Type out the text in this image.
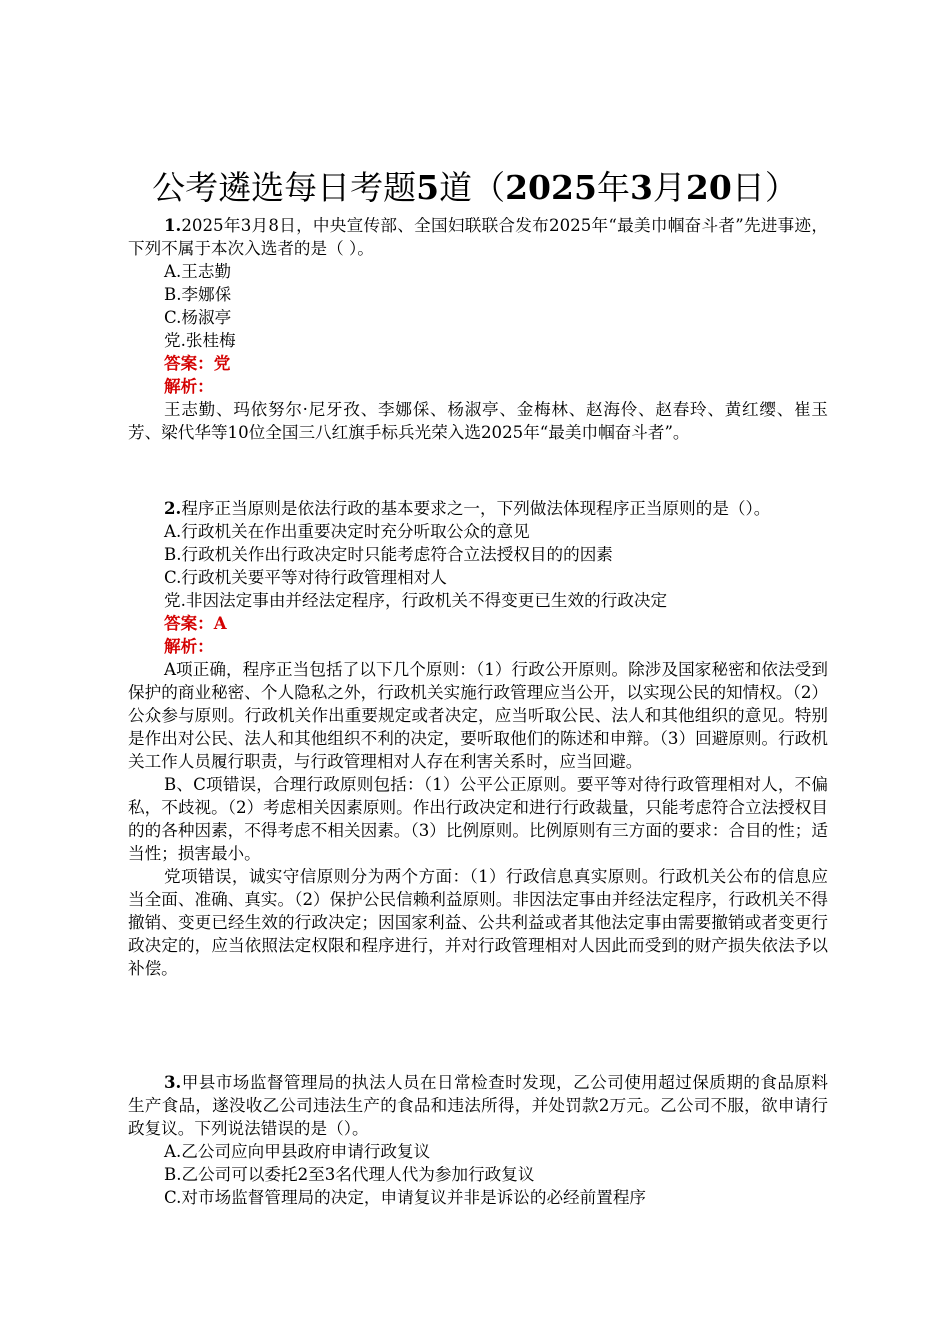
公考遴选每日考题5道（2025年3月20日）

1.2025年3月8日，中央宣传部、全国妇联联合发布2025年“最美巾帼奋斗者”先进事迹，下列不属于本次入选者的是（ ）。

A.王志勤

B.李娜倸

C.杨淑亭

党.张桂梅

答案：党

解析：

王志勤、玛依努尔·尼牙孜、李娜倸、杨淑亭、金梅林、赵海伶、赵春玲、黄红缨、崔玉芳、梁代华等10位全国三八红旗手标兵光荣入选2025年“最美巾帼奋斗者”。

2.程序正当原则是依法行政的基本要求之一，下列做法体现程序正当原则的是（）。

A.行政机关在作出重要决定时充分听取公众的意见

B.行政机关作出行政决定时只能考虑符合立法授权目的的因素

C.行政机关要平等对待行政管理相对人

党.非因法定事由并经法定程序，行政机关不得变更已生效的行政决定

答案：A

解析：

A项正确，程序正当包括了以下几个原则：（1）行政公开原则。除涉及国家秘密和依法受到保护的商业秘密、个人隐私之外，行政机关实施行政管理应当公开，以实现公民的知情权。（2）公众参与原则。行政机关作出重要规定或者决定，应当听取公民、法人和其他组织的意见。特别是作出对公民、法人和其他组织不利的决定，要听取他们的陈述和申辩。（3）回避原则。行政机关工作人员履行职责，与行政管理相对人存在利害关系时，应当回避。

B、C项错误，合理行政原则包括：（1）公平公正原则。要平等对待行政管理相对人，不偏私，不歧视。（2）考虑相关因素原则。作出行政决定和进行行政裁量，只能考虑符合立法授权目的的各种因素，不得考虑不相关因素。（3）比例原则。比例原则有三方面的要求：合目的性；适当性；损害最小。

党项错误，诚实守信原则分为两个方面：（1）行政信息真实原则。行政机关公布的信息应当全面、准确、真实。（2）保护公民信赖利益原则。非因法定事由并经法定程序，行政机关不得撤销、变更已经生效的行政决定；因国家利益、公共利益或者其他法定事由需要撤销或者变更行政决定的，应当依照法定权限和程序进行，并对行政管理相对人因此而受到的财产损失依法予以补偿。

3.甲县市场监督管理局的执法人员在日常检查时发现，乙公司使用超过保质期的食品原料生产食品，遂没收乙公司违法生产的食品和违法所得，并处罚款2万元。乙公司不服，欲申请行政复议。下列说法错误的是（）。

A.乙公司应向甲县政府申请行政复议

B.乙公司可以委托2至3名代理人代为参加行政复议

C.对市场监督管理局的决定，申请复议并非是诉讼的必经前置程序
